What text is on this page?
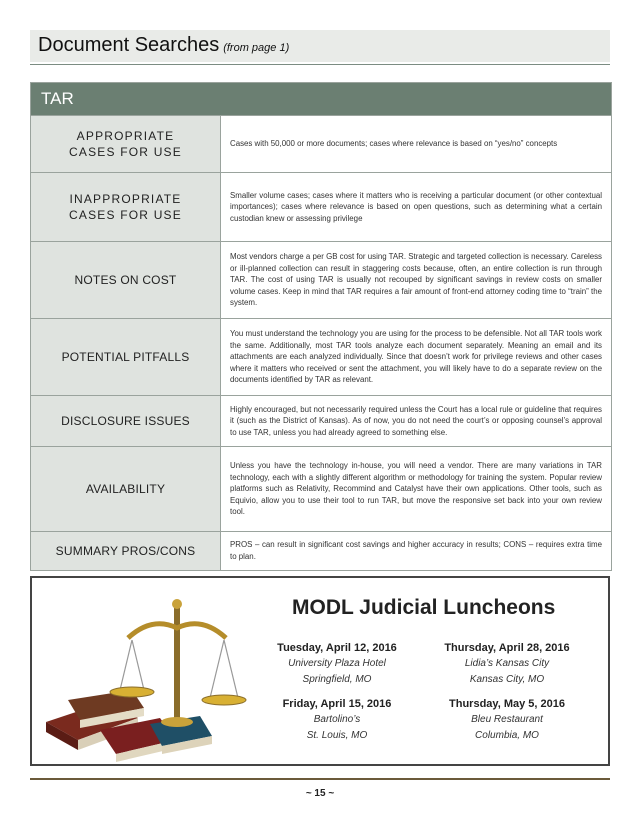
Document Searches (from page 1)
TAR
APPROPRIATE
CASES FOR USE
Cases with 50,000 or more documents; cases where relevance is based on “yes/no” concepts
INAPPROPRIATE
CASES FOR USE
Smaller volume cases; cases where it matters who is receiving a particular document (or other contextual importances); cases where relevance is based on open questions, such as determining what a certain custodian knew or assessing privilege
NOTES ON COST
Most vendors charge a per GB cost for using TAR. Strategic and targeted collection is necessary. Careless or ill-planned collection can result in staggering costs because, often, an entire collection is run through TAR. The cost of using TAR is usually not recouped by significant savings in review costs on smaller volume cases. Keep in mind that TAR requires a fair amount of front-end attorney coding time to “train” the system.
POTENTIAL PITFALLS
You must understand the technology you are using for the process to be defensible. Not all TAR tools work the same. Additionally, most TAR tools analyze each document separately. Meaning an email and its attachments are each analyzed individually. Since that doesn’t work for privilege reviews and other cases where it matters who received or sent the attachment, you will likely have to do a separate review on the documents identified by TAR as relevant.
DISCLOSURE ISSUES
Highly encouraged, but not necessarily required unless the Court has a local rule or guideline that requires it (such as the District of Kansas). As of now, you do not need the court’s or opposing counsel’s approval to use TAR, unless you had already agreed to something else.
AVAILABILITY
Unless you have the technology in-house, you will need a vendor. There are many variations in TAR technology, each with a slightly different algorithm or methodology for training the system. Popular review platforms such as Relativity, Recommind and Catalyst have their own applications. Other tools, such as Equivio, allow you to use their tool to run TAR, but move the responsive set back into your own review tool.
SUMMARY PROS/CONS	PROS – can result in significant cost savings and higher accuracy in results; CONS – requires extra time to plan.
MODL Judicial Luncheons
Tuesday, April 12, 2016
University Plaza Hotel
Springfield, MO
Thursday, April 28, 2016
Lidia’s Kansas City
Kansas City, MO
Friday, April 15, 2016
Bartolino’s
St. Louis, MO
Thursday, May 5, 2016
Bleu Restaurant
Columbia, MO
~ 15 ~
